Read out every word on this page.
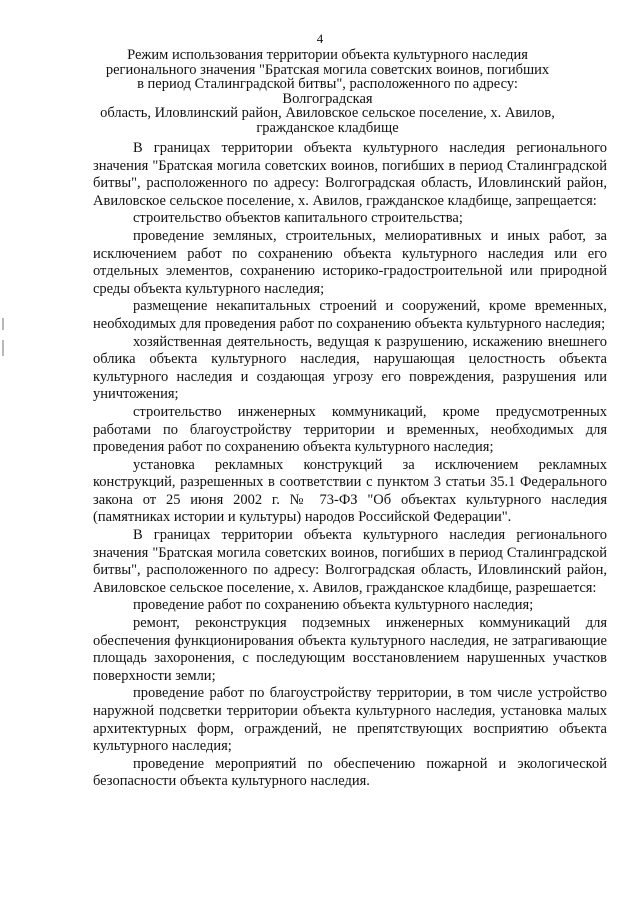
4
Режим использования территории объекта культурного наследия
регионального значения "Братская могила советских воинов, погибших
в период Сталинградской битвы", расположенного по адресу: Волгоградская
область, Иловлинский район, Авиловское сельское поселение, х. Авилов,
гражданское кладбище

В границах территории объекта культурного наследия регионального значения "Братская могила советских воинов, погибших в период Сталинградской битвы", расположенного по адресу: Волгоградская область, Иловлинский район, Авиловское сельское поселение, х. Авилов, гражданское кладбище, запрещается:

строительство объектов капитального строительства;

проведение земляных, строительных, мелиоративных и иных работ, за исключением работ по сохранению объекта культурного наследия или его отдельных элементов, сохранению историко-градостроительной или природной среды объекта культурного наследия;

размещение некапитальных строений и сооружений, кроме временных, необходимых для проведения работ по сохранению объекта культурного наследия;

хозяйственная деятельность, ведущая к разрушению, искажению внешнего облика объекта культурного наследия, нарушающая целостность объекта культурного наследия и создающая угрозу его повреждения, разрушения или уничтожения;

строительство инженерных коммуникаций, кроме предусмотренных работами по благоустройству территории и временных, необходимых для проведения работ по сохранению объекта культурного наследия;

установка рекламных конструкций за исключением рекламных конструкций, разрешенных в соответствии с пунктом 3 статьи 35.1 Федерального закона от 25 июня 2002 г. № 73-ФЗ "Об объектах культурного наследия (памятниках истории и культуры) народов Российской Федерации".

В границах территории объекта культурного наследия регионального значения "Братская могила советских воинов, погибших в период Сталинградской битвы", расположенного по адресу: Волгоградская область, Иловлинский район, Авиловское сельское поселение, х. Авилов, гражданское кладбище, разрешается:

проведение работ по сохранению объекта культурного наследия;

ремонт, реконструкция подземных инженерных коммуникаций для обеспечения функционирования объекта культурного наследия, не затрагивающие площадь захоронения, с последующим восстановлением нарушенных участков поверхности земли;

проведение работ по благоустройству территории, в том числе устройство наружной подсветки территории объекта культурного наследия, установка малых архитектурных форм, ограждений, не препятствующих восприятию объекта культурного наследия;

проведение мероприятий по обеспечению пожарной и экологической безопасности объекта культурного наследия.
